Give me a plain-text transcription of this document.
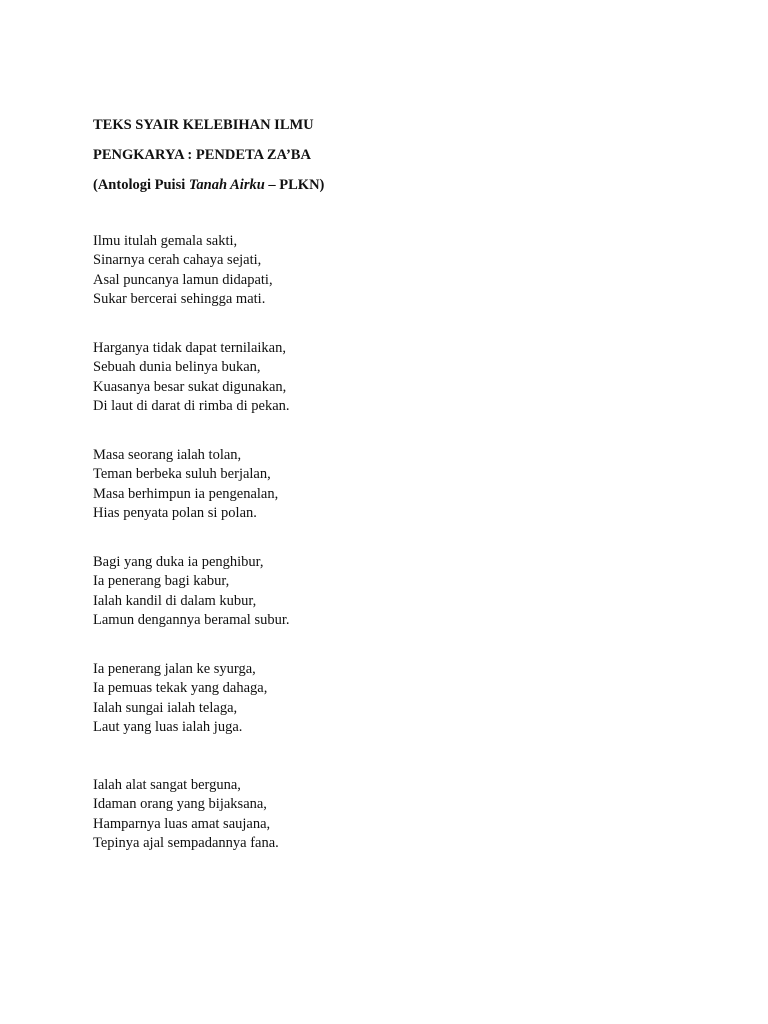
TEKS SYAIR KELEBIHAN ILMU
PENGKARYA : PENDETA ZA’BA
(Antologi Puisi Tanah Airku – PLKN)
Ilmu itulah gemala sakti,
Sinarnya cerah cahaya sejati,
Asal puncanya lamun didapati,
Sukar bercerai sehingga mati.
Harganya tidak dapat ternilaikan,
Sebuah dunia belinya bukan,
Kuasanya besar sukat digunakan,
Di laut di darat di rimba di pekan.
Masa seorang ialah tolan,
Teman berbeka suluh berjalan,
Masa berhimpun ia pengenalan,
Hias penyata polan si polan.
Bagi yang duka ia penghibur,
Ia penerang bagi kabur,
Ialah kandil di dalam kubur,
Lamun dengannya beramal subur.
Ia penerang jalan ke syurga,
Ia pemuas tekak yang dahaga,
Ialah sungai ialah telaga,
Laut yang luas ialah juga.
Ialah alat sangat berguna,
Idaman orang yang bijaksana,
Hamparnya luas amat saujana,
Tepinya ajal sempadannya fana.
